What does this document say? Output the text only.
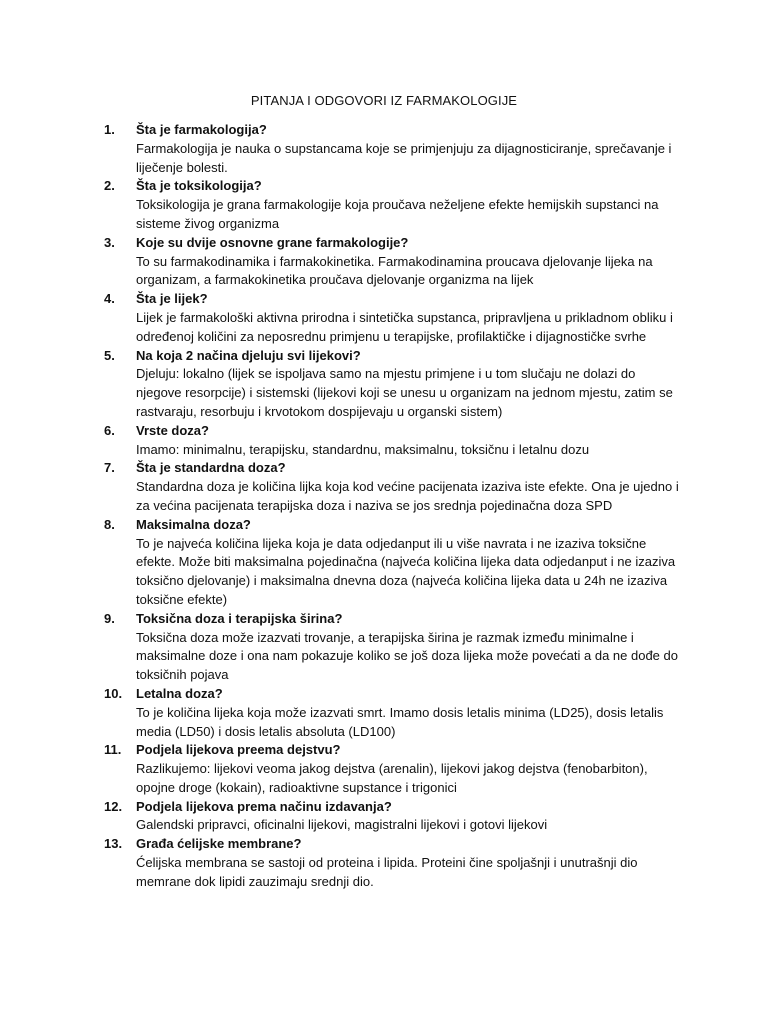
PITANJA I ODGOVORI IZ FARMAKOLOGIJE
1.	Šta je farmakologija?
Farmakologija je nauka o supstancama koje se primjenjuju za dijagnosticiranje, sprečavanje i liječenje bolesti.
2.	Šta je toksikologija?
Toksikologija je grana farmakologije koja proučava neželjene efekte hemijskih supstanci na sisteme živog organizma
3.	Koje su dvije osnovne grane farmakologije?
To su farmakodinamika i farmakokinetika. Farmakodinamina proucava djelovanje lijeka na organizam, a farmakokinetika proučava djelovanje organizma na lijek
4.	Šta je lijek?
Lijek je farmakološki aktivna prirodna i sintetička supstanca, pripravljena u prikladnom obliku i određenoj količini za neposrednu primjenu u terapijske, profilaktičke i dijagnostičke svrhe
5.	Na koja 2 načina djeluju svi lijekovi?
Djeluju: lokalno (lijek se ispoljava samo na mjestu primjene i u tom slučaju ne dolazi do njegove resorpcije) i sistemski (lijekovi koji se unesu u organizam na jednom mjestu, zatim se rastvaraju, resorbuju i krvotokom dospijevaju u organski sistem)
6.	Vrste doza?
Imamo: minimalnu, terapijsku, standardnu, maksimalnu, toksičnu i letalnu dozu
7.	Šta je standardna doza?
Standardna doza je količina lijka koja kod većine pacijenata izaziva iste efekte. Ona je ujedno i za većina pacijenata terapijska doza i naziva se jos srednja pojedinačna doza SPD
8.	Maksimalna doza?
To je najveća količina lijeka koja je data odjedanput ili u više navrata i ne izaziva toksične efekte. Može biti maksimalna pojedinačna (najveća količina lijeka data odjedanput i ne izaziva toksično djelovanje) i maksimalna dnevna doza (najveća količina lijeka data u 24h ne izaziva toksične efekte)
9.	Toksična doza i terapijska širina?
Toksična doza može izazvati trovanje, a terapijska širina je razmak između minimalne i maksimalne doze i ona nam pokazuje koliko se još doza lijeka može povećati a da ne dođe do toksičnih pojava
10.	Letalna doza?
To je količina lijeka koja može izazvati smrt. Imamo dosis letalis minima (LD25), dosis letalis media (LD50) i dosis letalis absoluta (LD100)
11.	Podjela lijekova preema dejstvu?
Razlikujemo: lijekovi veoma jakog dejstva (arenalin), lijekovi jakog dejstva (fenobarbiton), opojne droge (kokain), radioaktivne supstance i trigonici
12.	Podjela lijekova prema načinu izdavanja?
Galendski pripravci, oficinalni lijekovi, magistralni lijekovi i gotovi lijekovi
13.	Građa ćelijske membrane?
Ćelijska membrana se sastoji od proteina i lipida. Proteini čine spoljašnji i unutrašnji dio memrane dok lipidi zauzimaju srednji dio.
